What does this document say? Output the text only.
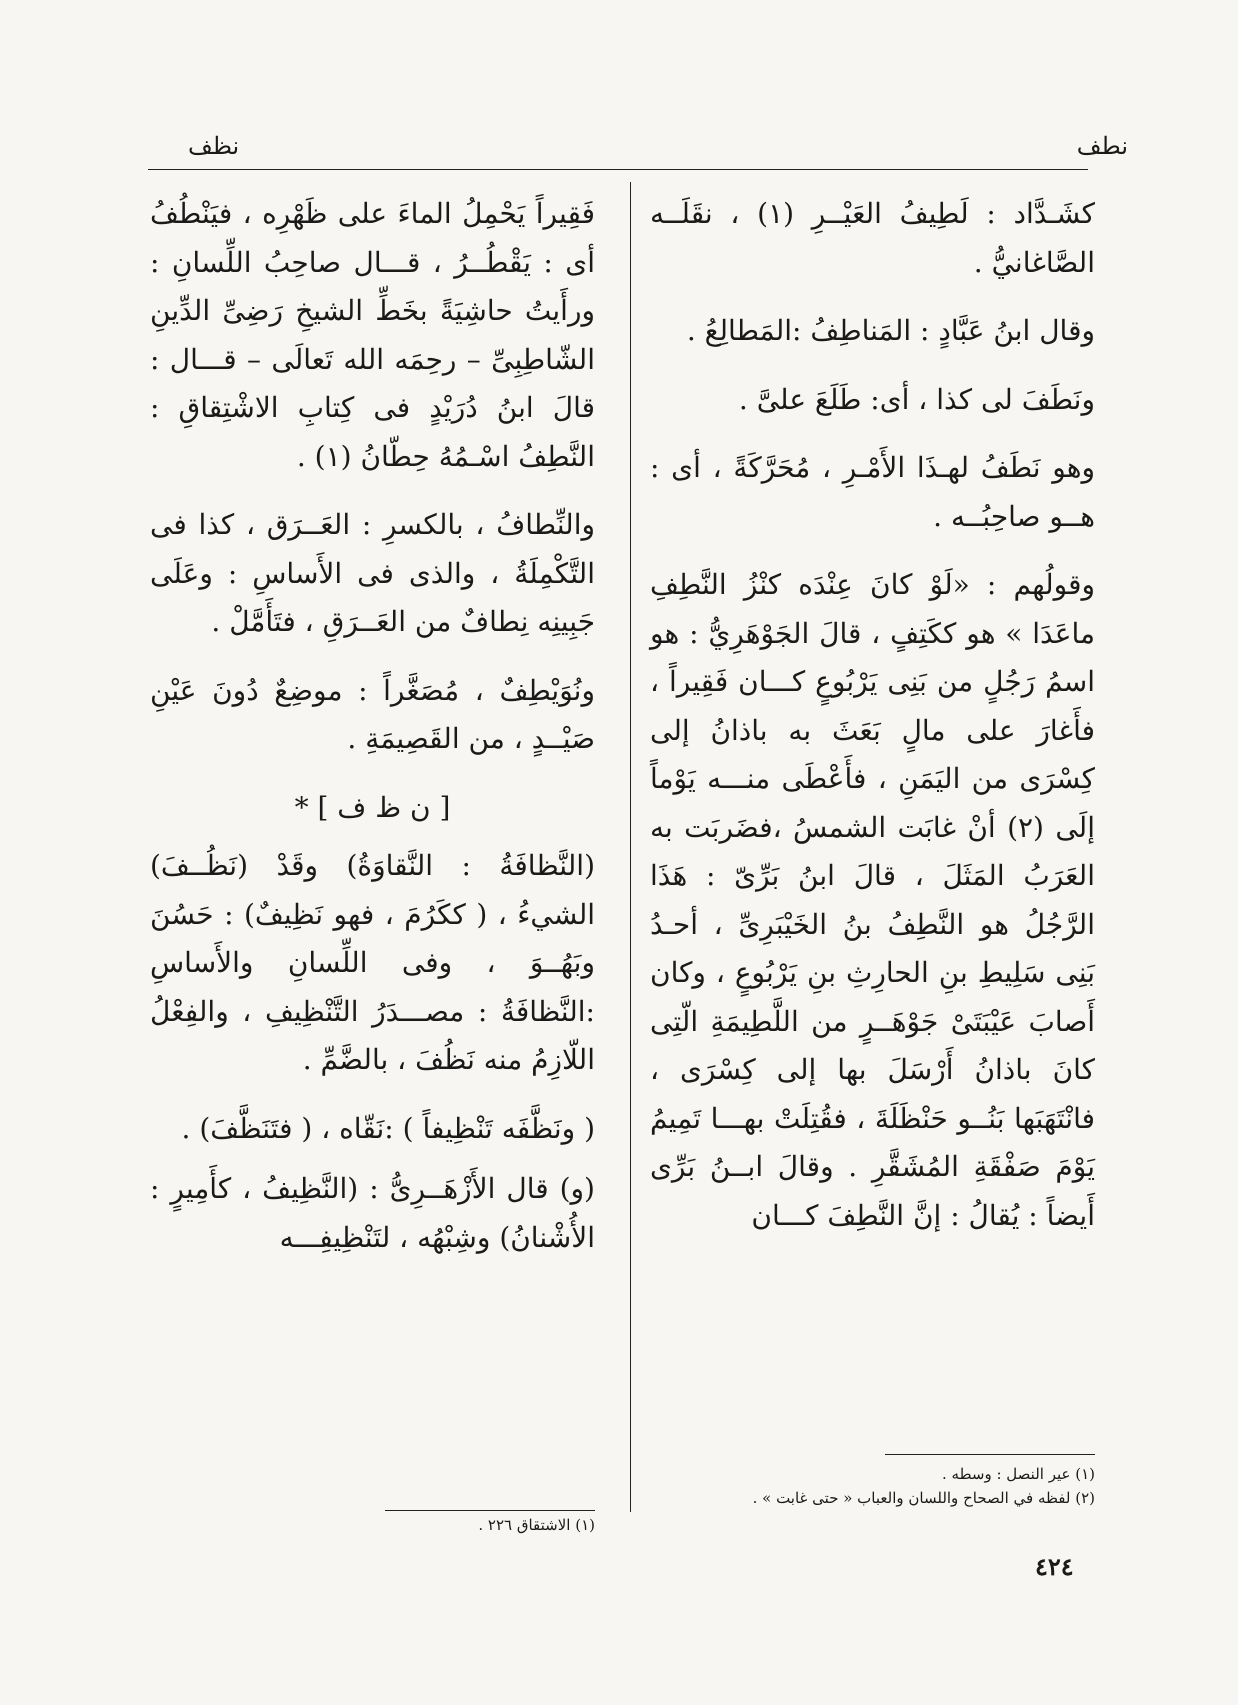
نطف
نظف

كشَـدَّاد : لَطِيفُ العَيْــرِ (١) ، نقَلَــه الصَّاغانيُّ .

وقال ابنُ عَبَّادٍ : المَناطِفُ :المَطالِعُ .

ونَطَفَ لى كذا ، أى: طَلَعَ علىَّ .

وهو نَطَفُ لهـذَا الأَمْـرِ ، مُحَرَّكَةً ، أى : هــو صاحِبُــه .

وقولُهم : «لَوْ كانَ عِنْدَه كنْزُ النَّطِفِ ماعَدَا » هو ككَتِفٍ ، قالَ الجَوْهَرِيُّ : هو اسمُ رَجُلٍ من بَنِى يَرْبُوعٍ كـــان فَقِيراً ، فأَغارَ على مالٍ بَعَثَ به باذانُ إلى كِسْرَى من اليَمَنِ ، فأَعْطَى منـــه يَوْماً إلَى (٢) أنْ غابَت الشمسُ ،فضَربَت به العَرَبُ المَثَلَ ، قالَ ابنُ بَرِّىّ : هَذَا الرَّجُلُ هو النَّطِفُ بنُ الخَيْبَرِىِّ ، أحـدُ بَنِى سَلِيطِ بنِ الحارِثِ بنِ يَرْبُوعٍ ، وكان أَصابَ عَيْبَتَىْ جَوْهَــرٍ من اللَّطِيمَةِ الّتِى كانَ باذانُ أَرْسَلَ بها إلى كِسْرَى ، فانْتَهَبَها بَنُــو حَنْظَلَةَ ، فقُتِلَتْ بهـــا تَمِيمُ يَوْمَ صَفْقَةِ المُشَقَّرِ . وقالَ ابــنُ بَرِّى أَيضاً : يُقالُ : إنَّ النَّطِفَ كـــان

فَقِيراً يَحْمِلُ الماءَ على ظَهْرِه ، فيَنْطُفُ أى : يَقْطُــرُ ، قـــال صاحِبُ اللِّسانِ : ورأَيتُ حاشِيَةً بخَطِّ الشيخِ رَضِىِّ الدِّينِ الشّاطِبِىِّ – رحِمَه الله تَعالَى – قـــال : قالَ ابنُ دُرَيْدٍ فى كِتابِ الاشْتِقاقِ : النَّطِفُ اسْـمُهُ حِطّانُ (١) .

والنِّطافُ ، بالكسرِ : العَــرَق ، كذا فى التَّكْمِلَةُ ، والذى فى الأَساسِ : وعَلَى جَبِينِه نِطافٌ من العَــرَقِ ، فتَأَمَّلْ .

ونُوَيْطِفٌ ، مُصَغَّراً : موضِعٌ دُونَ عَيْنِ صَيْــدٍ ، من القَصِيمَةِ .

[ ن ظ ف ] *

(النَّظافَةُ : النَّقاوَةُ) وقَدْ (نَظُــفَ) الشيءُ ، ( ككَرُمَ ، فهو نَظِيفٌ) : حَسُنَ وبَهُــوَ ، وفى اللِّسانِ والأَساسِ :النَّظافَةُ : مصـــدَرُ التَّنْظِيفِ ، والفِعْلُ اللّازِمُ منه نَظُفَ ، بالضَّمِّ .

( ونَظَّفَه تَنْظِيفاً ) :نَقّاه ، ( فتَنَظَّفَ) .

(و) قال الأَزْهَــرِىُّ : (النَّظِيفُ ، كأَمِيرٍ : الأُشْنانُ) وشِبْهُه ، لتَنْظِيفِـــه

(١) عير النصل : وسطه .
(٢) لفظه في الصحاح واللسان والعباب « حتى غابت » .
(١) الاشتقاق ٢٢٦ .
٤٢٤
